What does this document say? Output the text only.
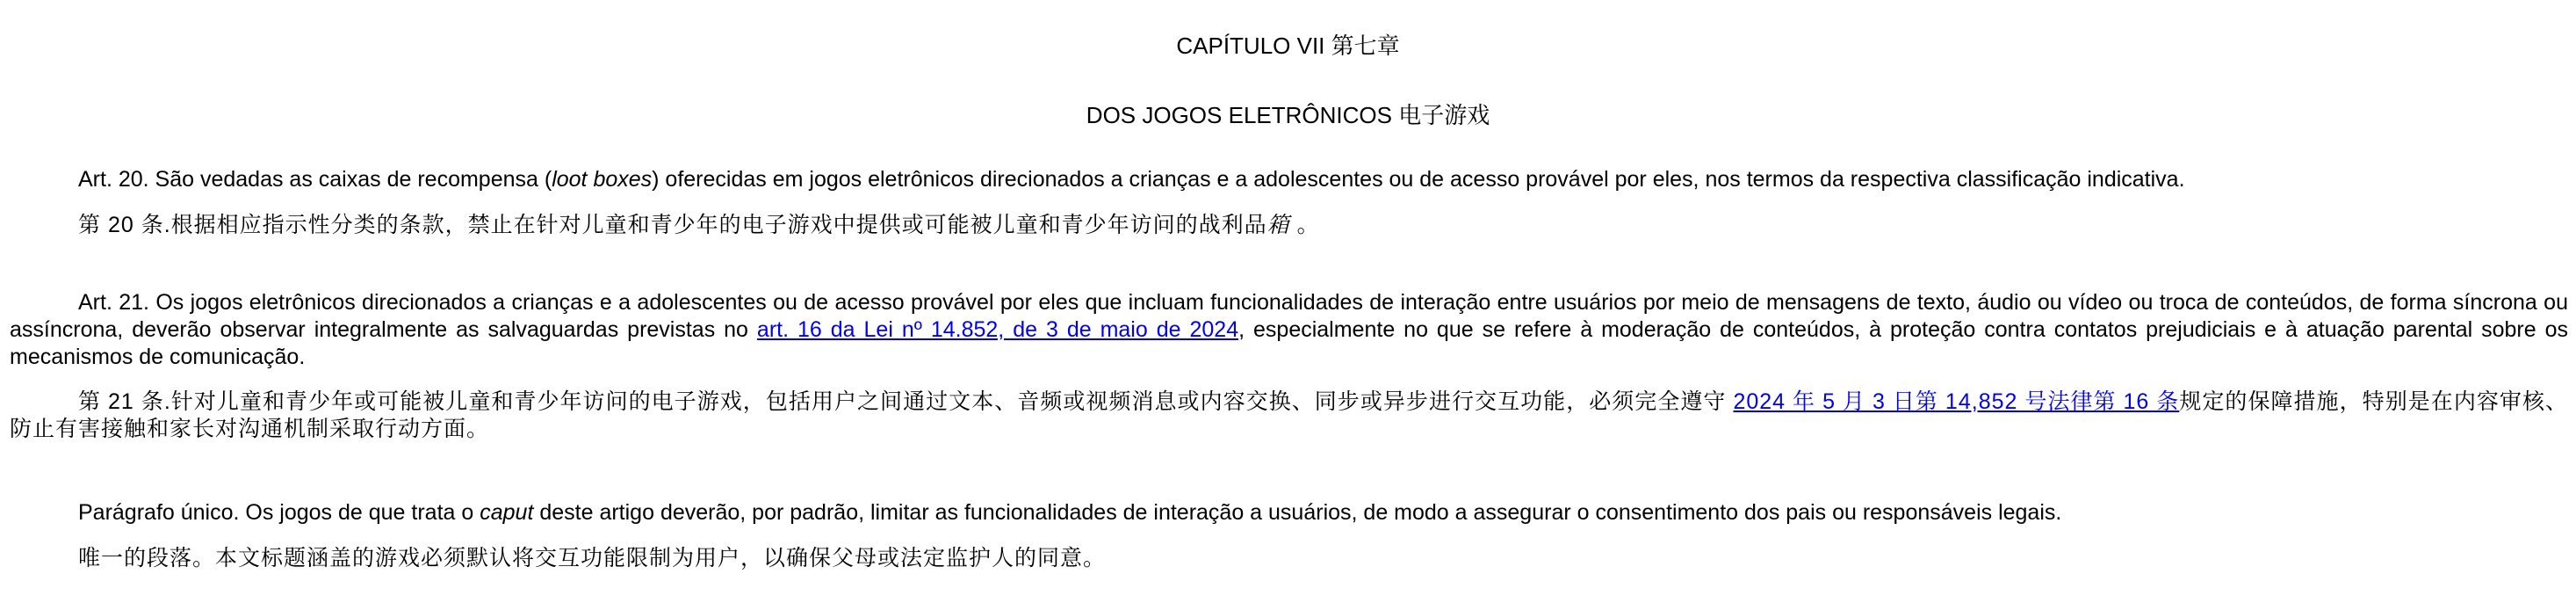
CAPÍTULO VII 第七章
DOS JOGOS ELETRÔNICOS 电子游戏
Art. 20. São vedadas as caixas de recompensa (loot boxes) oferecidas em jogos eletrônicos direcionados a crianças e a adolescentes ou de acesso provável por eles, nos termos da respectiva classificação indicativa.
第 20 条.根据相应指示性分类的条款，禁止在针对儿童和青少年的电子游戏中提供或可能被儿童和青少年访问的战利品箱 。
Art. 21. Os jogos eletrônicos direcionados a crianças e a adolescentes ou de acesso provável por eles que incluam funcionalidades de interação entre usuários por meio de mensagens de texto, áudio ou vídeo ou troca de conteúdos, de forma síncrona ou assíncrona, deverão observar integralmente as salvaguardas previstas no art. 16 da Lei nº 14.852, de 3 de maio de 2024, especialmente no que se refere à moderação de conteúdos, à proteção contra contatos prejudiciais e à atuação parental sobre os mecanismos de comunicação.
第 21 条.针对儿童和青少年或可能被儿童和青少年访问的电子游戏，包括用户之间通过文本、音频或视频消息或内容交换、同步或异步进行交互功能，必须完全遵守 2024 年 5 月 3 日第 14,852 号法律第 16 条规定的保障措施，特别是在内容审核、防止有害接触和家长对沟通机制采取行动方面。
Parágrafo único. Os jogos de que trata o caput deste artigo deverão, por padrão, limitar as funcionalidades de interação a usuários, de modo a assegurar o consentimento dos pais ou responsáveis legais.
唯一的段落。本文标题涵盖的游戏必须默认将交互功能限制为用户，以确保父母或法定监护人的同意。
